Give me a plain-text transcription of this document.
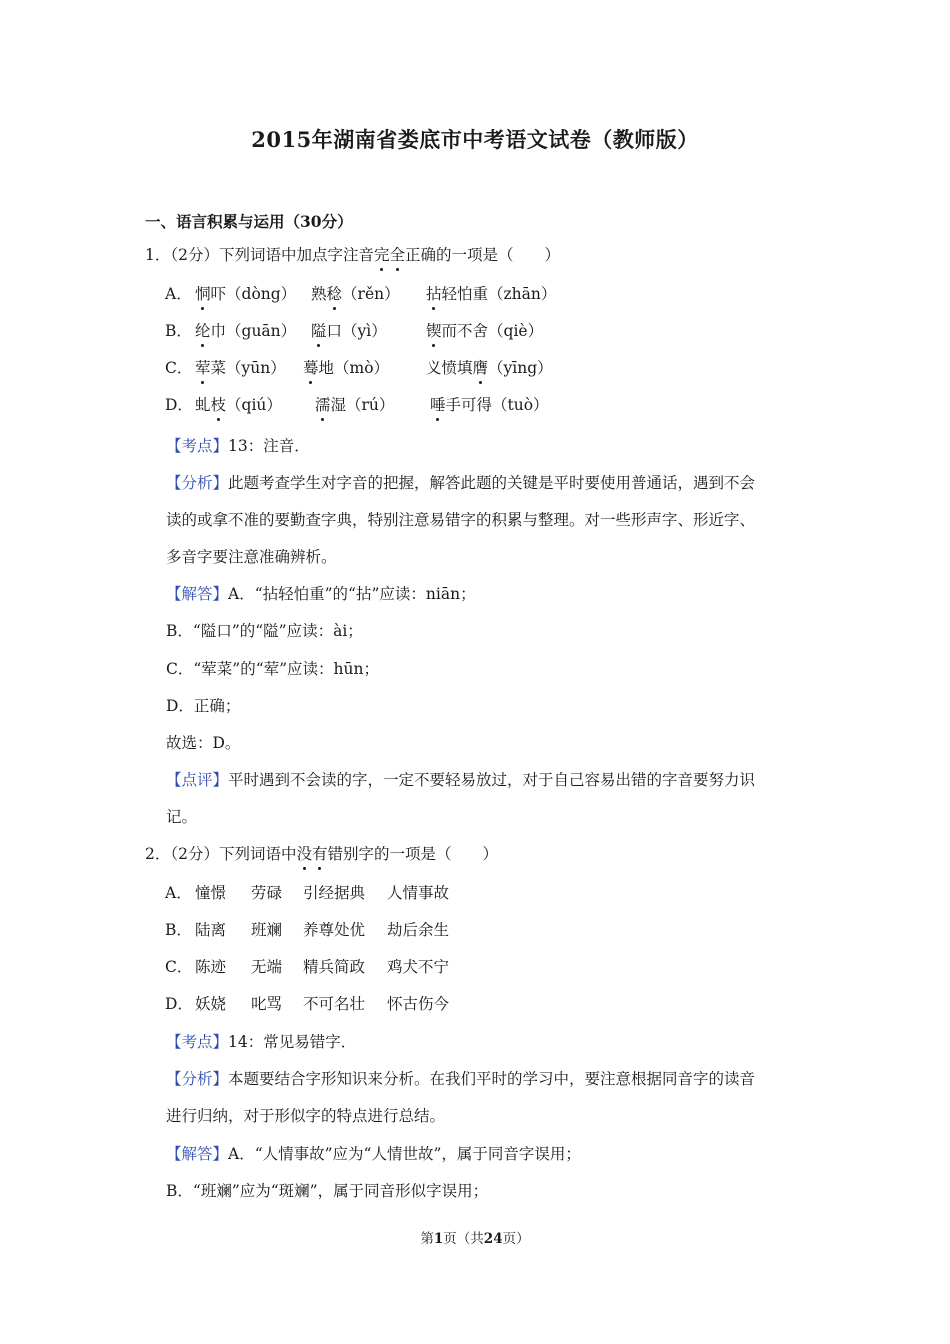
2015年湖南省娄底市中考语文试卷（教师版）
一、语言积累与运用（30分）
1．（2分）下列词语中加点字注音完全正确的一项是（　　）
A． 恫吓（dòng） 熟稔（rěn） 拈轻怕重（zhān）
B． 纶巾（guān） 隘口（yì）	锲而不舍（qiè）
C． 荤菜（yūn） 蓦地（mò） 义愤填膺（yīng）
D． 虬枝（qiú） 濡湿（rú） 唾手可得（tuò）
【考点】13：注音．
【分析】此题考查学生对字音的把握，解答此题的关键是平时要使用普通话，遇到不会
读的或拿不准的要勤查字典，特别注意易错字的积累与整理。对一些形声字、形近字、
多音字要注意准确辨析。
【解答】A．“拈轻怕重”的“拈”应读：niān；
B．“隘口”的“隘”应读：ài；
C．“荤菜”的“荤”应读：hūn；
D．正确；
故选：D。
【点评】平时遇到不会读的字，一定不要轻易放过，对于自己容易出错的字音要努力识
记。
2．（2分）下列词语中没有错别字的一项是（　　）
A． 憧憬 劳碌 引经据典 人情事故
B． 陆离 班斓 养尊处优 劫后余生
C． 陈迹 无端 精兵简政 鸡犬不宁
D． 妖娆 叱骂 不可名壮 怀古伤今
【考点】14：常见易错字．
【分析】本题要结合字形知识来分析。在我们平时的学习中，要注意根据同音字的读音
进行归纳，对于形似字的特点进行总结。
【解答】A．“人情事故”应为“人情世故”，属于同音字误用；
B．“班斓”应为“斑斓”，属于同音形似字误用；
第1页（共24页）
